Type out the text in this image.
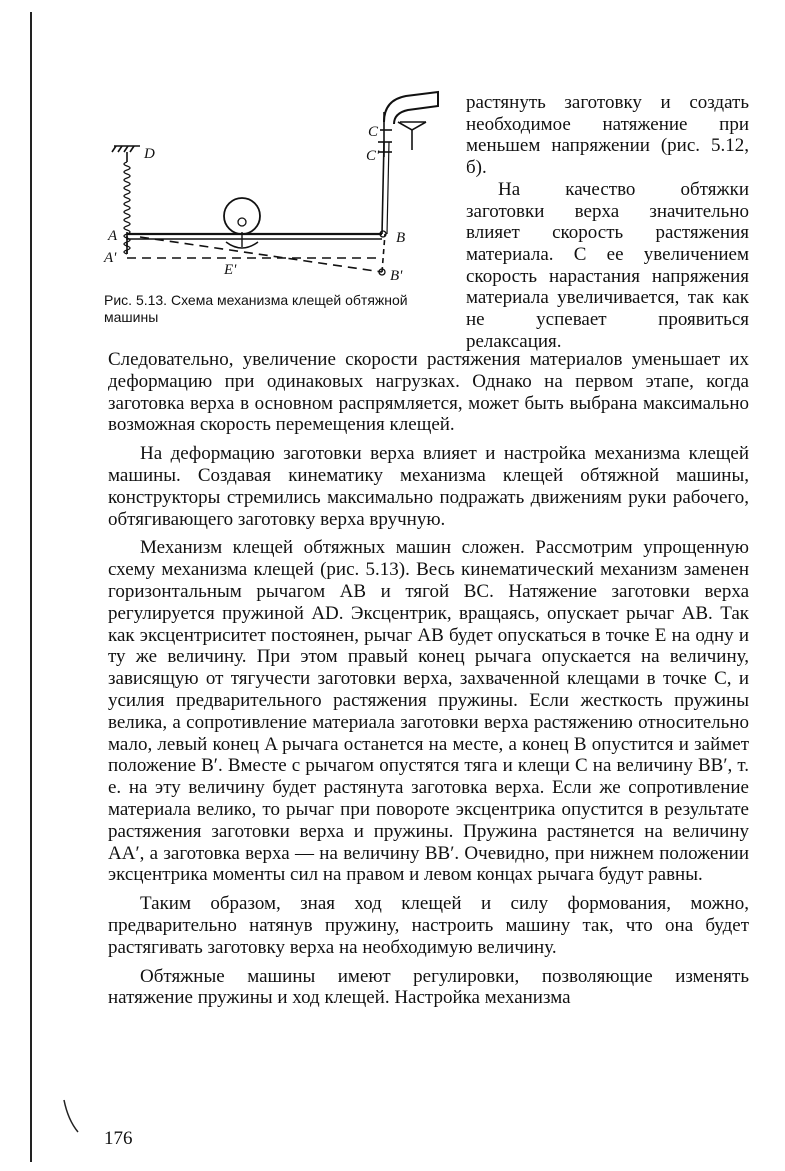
D
A
A'
E'
B
B'
C
C'
Рис. 5.13. Схема механизма клещей обтяжной машины

растянуть заготовку и создать необходимое натяжение при меньшем напряжении (рис. 5.12, б).

На качество обтяжки заготовки верха значительно влияет скорость растяжения материала. С ее увеличением скорость нарастания напряжения материала увеличивается, так как не успевает проявиться релаксация.

Следовательно, увеличение скорости растяжения материалов уменьшает их деформацию при одинаковых нагрузках. Однако на первом этапе, когда заготовка верха в основном распрямляется, может быть выбрана максимально возможная скорость перемещения клещей.

На деформацию заготовки верха влияет и настройка механизма клещей машины. Создавая кинематику механизма клещей обтяжной машины, конструкторы стремились максимально подражать движениям руки рабочего, обтягивающего заготовку верха вручную.

Механизм клещей обтяжных машин сложен. Рассмотрим упрощенную схему механизма клещей (рис. 5.13). Весь кинематический механизм заменен горизонтальным рычагом AB и тягой BC. Натяжение заготовки верха регулируется пружиной AD. Эксцентрик, вращаясь, опускает рычаг AB. Так как эксцентриситет постоянен, рычаг AB будет опускаться в точке E на одну и ту же величину. При этом правый конец рычага опускается на величину, зависящую от тягучести заготовки верха, захваченной клещами в точке C, и усилия предварительного растяжения пружины. Если жесткость пружины велика, а сопротивление материала заготовки верха растяжению относительно мало, левый конец A рычага останется на месте, а конец B опустится и займет положение B′. Вместе с рычагом опустятся тяга и клещи C на величину BB′, т. е. на эту величину будет растянута заготовка верха. Если же сопротивление материала велико, то рычаг при повороте эксцентрика опустится в результате растяжения заготовки верха и пружины. Пружина растянется на величину AA′, а заготовка верха — на величину BB′. Очевидно, при нижнем положении эксцентрика моменты сил на правом и левом концах рычага будут равны.

Таким образом, зная ход клещей и силу формования, можно, предварительно натянув пружину, настроить машину так, что она будет растягивать заготовку верха на необходимую величину.

Обтяжные машины имеют регулировки, позволяющие изменять натяжение пружины и ход клещей. Настройка механизма

176
